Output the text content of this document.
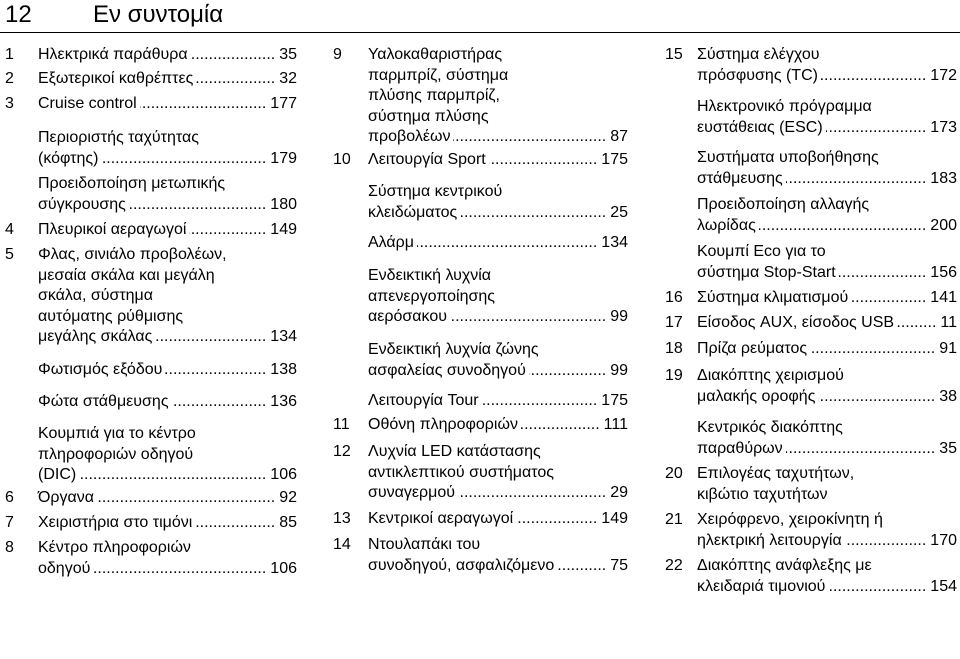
12	Εν συντομία
1 Ηλεκτρικά παράθυρα .....	35
2 Εξωτερικοί καθρέπτες .....	32
3 Cruise control .....	177
Περιοριστής ταχύτητας
(κόφτης) .....	179
Προειδοποίηση μετωπικής
σύγκρουσης .....	180
4 Πλευρικοί αεραγωγοί .....	149
5 Φλας, σινιάλο προβολέων,
μεσαία σκάλα και μεγάλη
σκάλα, σύστημα
αυτόματης ρύθμισης
μεγάλης σκάλας .....	134
Φωτισμός εξόδου .....	138
Φώτα στάθμευσης .....	136
Κουμπιά για το κέντρο
πληροφοριών οδηγού
(DIC) .....	106
6 Όργανα .....	92
7 Χειριστήρια στο τιμόνι .....	85
8 Κέντρο πληροφοριών
οδηγού .....	106
9 Υαλοκαθαριστήρας
παρμπρίζ, σύστημα
πλύσης παρμπρίζ,
σύστημα πλύσης
προβολέων .....	87
10 Λειτουργία Sport .....	175
Σύστημα κεντρικού
κλειδώματος .....	25
Αλάρμ .....	134
Ενδεικτική λυχνία
απενεργοποίησης
αερόσακου .....	99
Ενδεικτική λυχνία ζώνης
ασφαλείας συνοδηγού .....	99
Λειτουργία Tour .....	175
11 Οθόνη πληροφοριών .....	111
12 Λυχνία LED κατάστασης
αντικλεπτικού συστήματος
συναγερμού .....	29
13 Κεντρικοί αεραγωγοί .....	149
14 Ντουλαπάκι του
συνοδηγού, ασφαλιζόμενο .....	75
15 Σύστημα ελέγχου
πρόσφυσης (TC) .....	172
Ηλεκτρονικό πρόγραμμα
ευστάθειας (ESC) .....	173
Συστήματα υποβοήθησης
στάθμευσης .....	183
Προειδοποίηση αλλαγής
λωρίδας .....	200
Κουμπί Eco για το
σύστημα Stop-Start .....	156
16 Σύστημα κλιματισμού .....	141
17 Είσοδος AUX, είσοδος USB .....	11
18 Πρίζα ρεύματος .....	91
19 Διακόπτης χειρισμού
μαλακής οροφής .....	38
Κεντρικός διακόπτης
παραθύρων .....	35
20 Επιλογέας ταχυτήτων,
κιβώτιο ταχυτήτων
21 Χειρόφρενο, χειροκίνητη ή
ηλεκτρική λειτουργία .....	170
22 Διακόπτης ανάφλεξης με
κλειδαριά τιμονιού .....	154
